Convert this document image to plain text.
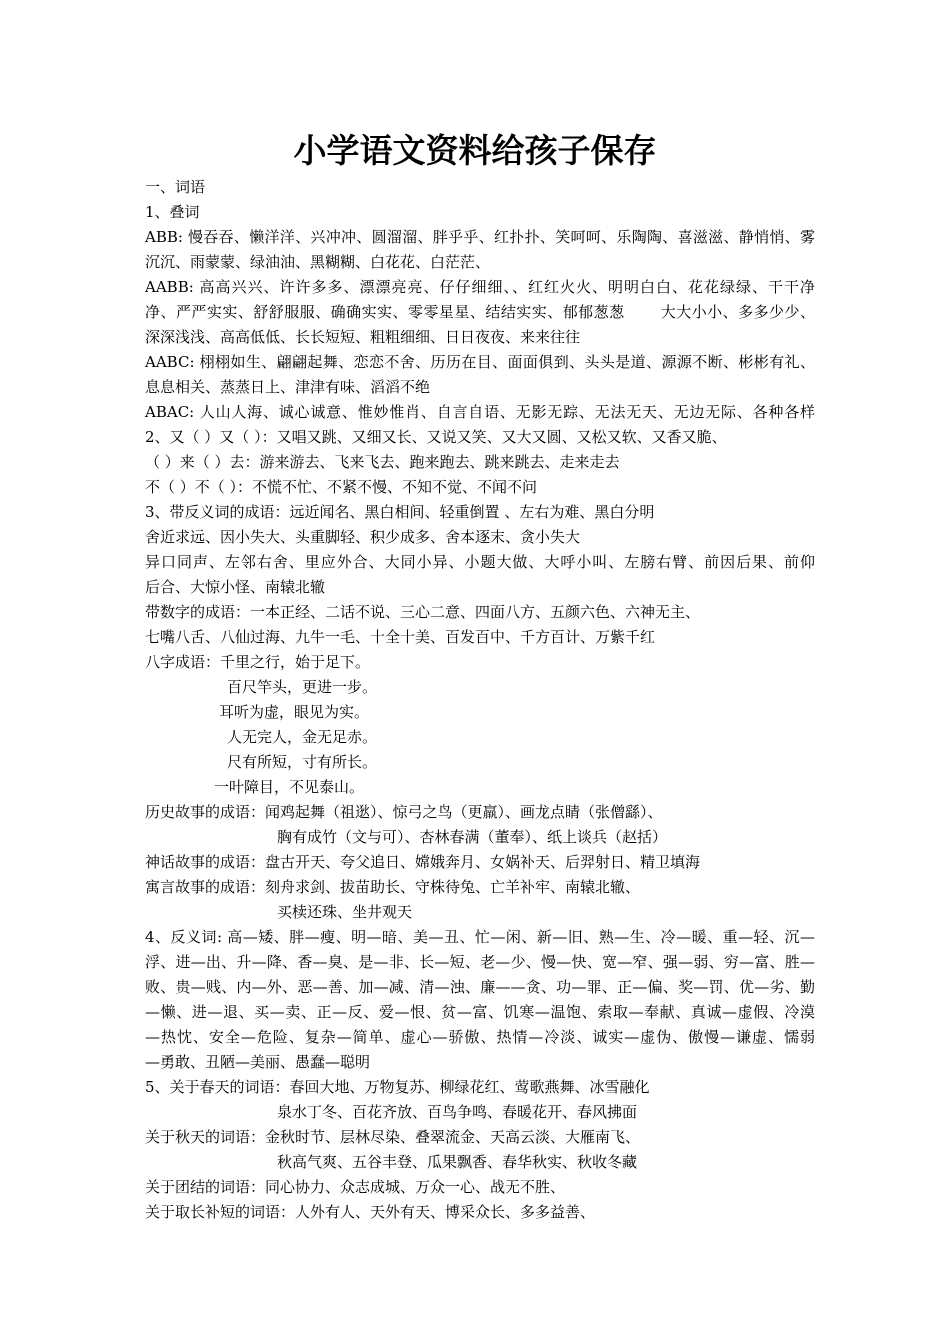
小学语文资料给孩子保存
一、词语
1、叠词
ABB: 慢吞吞、懒洋洋、兴冲冲、圆溜溜、胖乎乎、红扑扑、笑呵呵、乐陶陶、喜滋滋、静悄悄、雾
沉沉、雨蒙蒙、绿油油、黑糊糊、白花花、白茫茫、
AABB: 高高兴兴、许许多多、漂漂亮亮、仔仔细细、、红红火火、明明白白、花花绿绿、干干净
净、严严实实、舒舒服服、确确实实、零零星星、结结实实、郁郁葱葱 　　大大小小、多多少少、
深深浅浅、高高低低、长长短短、粗粗细细、日日夜夜、来来往往
AABC: 栩栩如生、翩翩起舞、恋恋不舍、历历在目、面面俱到、头头是道、源源不断、彬彬有礼、
息息相关、蒸蒸日上、津津有味、滔滔不绝
ABAC: 人山人海、诚心诚意、惟妙惟肖、自言自语、无影无踪、无法无天、无边无际、各种各样
2、又（ ）又（ ）：又唱又跳、又细又长、又说又笑、又大又圆、又松又软、又香又脆、
（ ）来（ ）去：游来游去、飞来飞去、跑来跑去、跳来跳去、走来走去
不（ ）不（ ）：不慌不忙、不紧不慢、不知不觉、不闻不问
3、带反义词的成语：远近闻名、黑白相间、轻重倒置 、左右为难、黑白分明
舍近求远、因小失大、头重脚轻、积少成多、舍本逐末、贪小失大
异口同声、左邻右舍、里应外合、大同小异、小题大做、大呼小叫、左膀右臂、前因后果、前仰
后合、大惊小怪、南辕北辙
带数字的成语：一本正经、二话不说、三心二意、四面八方、五颜六色、六神无主、
七嘴八舌、八仙过海、九牛一毛、十全十美、百发百中、千方百计、万紫千红
八字成语：千里之行，始于足下。
百尺竿头，更进一步。
耳听为虚，眼见为实。
人无完人，金无足赤。
尺有所短，寸有所长。
一叶障目，不见泰山。
历史故事的成语：闻鸡起舞（祖逖）、惊弓之鸟（更羸）、画龙点睛（张僧繇）、
胸有成竹（文与可）、杏林春满（董奉）、纸上谈兵（赵括）
神话故事的成语：盘古开天、夸父追日、嫦娥奔月、女娲补天、后羿射日、精卫填海
寓言故事的成语：刻舟求剑、拔苗助长、守株待兔、亡羊补牢、南辕北辙、
买椟还珠、坐井观天
4、反义词: 高—矮、胖—瘦、明—暗、美—丑、忙—闲、新—旧、熟—生、冷—暖、重—轻、沉—
浮、进—出、升—降、香—臭、是—非、长—短、老—少、慢—快、宽—窄、强—弱、穷—富、胜—
败、贵—贱、内—外、恶—善、加—减、清—浊、廉——贪、功—罪、正—偏、奖—罚、优—劣、勤
—懒、进—退、买—卖、正—反、爱—恨、贫—富、饥寒—温饱、索取—奉献、真诚—虚假、冷漠
—热忱、安全—危险、复杂—简单、虚心—骄傲、热情—冷淡、诚实—虚伪、傲慢—谦虚、懦弱
—勇敢、丑陋—美丽、愚蠢—聪明
5、关于春天的词语：春回大地、万物复苏、柳绿花红、莺歌燕舞、冰雪融化
泉水丁冬、百花齐放、百鸟争鸣、春暖花开、春风拂面
关于秋天的词语：金秋时节、层林尽染、叠翠流金、天高云淡、大雁南飞、
秋高气爽、五谷丰登、瓜果飘香、春华秋实、秋收冬藏
关于团结的词语：同心协力、众志成城、万众一心、战无不胜、
关于取长补短的词语：人外有人、天外有天、博采众长、多多益善、
